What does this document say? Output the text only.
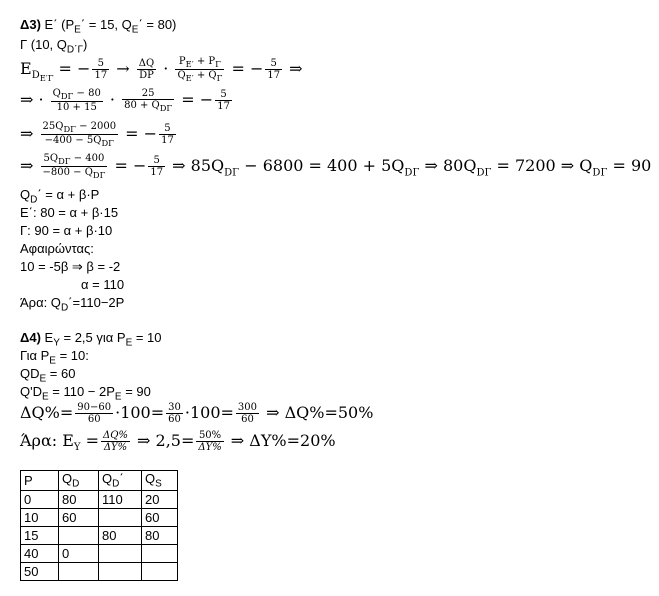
Δ3) Ε΄ ($P_E΄ = 15$, $Q_E΄ = 80$)
Γ (10, $Q_{D΄\Gamma}$)
$E_{D_{E'\Gamma}}$ = − $\frac{5}{17} \to \frac{\Delta Q}{DP} \cdot \frac{P_{E'} + P_\Gamma}{Q_{E'} + Q_\Gamma}$ = − $\frac{5}{17}$ ⇒
⇒ · $\frac{Q_{D\Gamma} - 80}{10 + 15} \cdot \frac{25}{80 + Q_{D\Gamma}}$ = − $\frac{5}{17}$
⇒ $\frac{25Q_{D\Gamma} - 2000}{-400 - 5Q_{D\Gamma}}$ = − $\frac{5}{17}$
⇒ $\frac{5Q_{D\Gamma} - 400}{-800 - Q_{D\Gamma}}$ = − $\frac{5}{17}$ ⇒ $85Q_{D\Gamma} - 6800 = 400 + 5Q_{D\Gamma}$ ⇒ $80Q_{D\Gamma} = 7200$ ⇒ $Q_{D\Gamma} = 90$
$Q_D΄ = \alpha + \beta\cdot P$
Ε΄: 80 = α + β·15
Γ: 90 = α + β·10
Αφαιρώντας:
10 = -5β ⇒ β = -2
α = 110
Άρα: $Q_D΄=110-2P$
Δ4) $E_Y = 2,5$ για $P_E = 10$
Για $P_E = 10$:
$QD_E = 60$
$Q'D_E = 110 - 2P_E = 90$
$\Delta Q\%= \frac{90-60}{60} \cdot 100= \frac{30}{60} \cdot 100= \frac{300}{60}$ ⇒ ΔQ%=50%
Άρα: $E_Y = \frac{\Delta Q\%}{\Delta Y\%}$ ⇒ $2,5= \frac{50\%}{\Delta Y\%}$ ⇒ ΔY%=20%
P	$Q_D$	$Q_D΄$	$Q_S$
0	80	110	20
10	60		60
15		80	80
40	0		
50			
